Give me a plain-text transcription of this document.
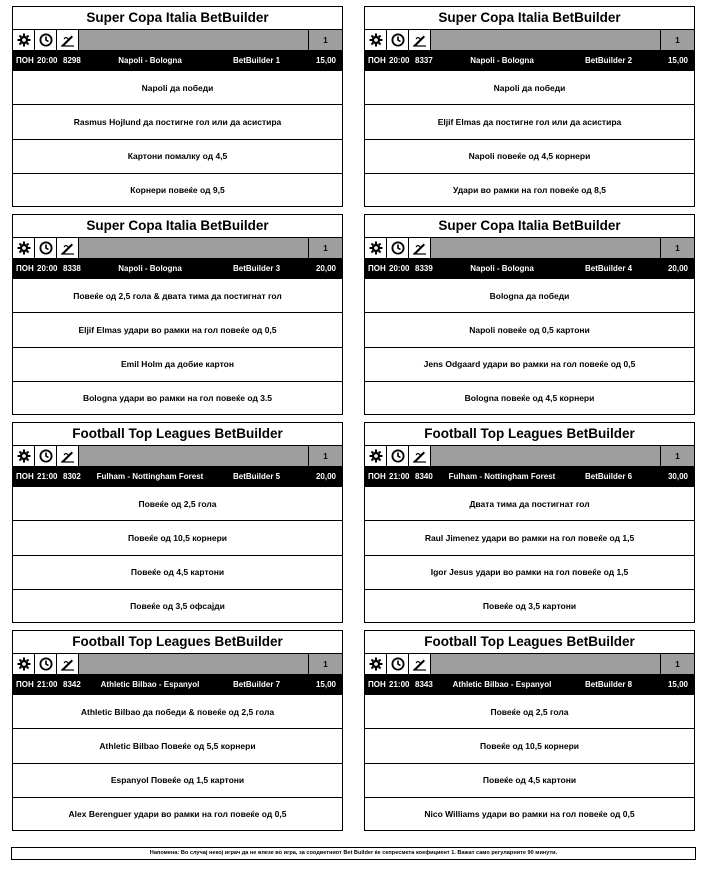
Super Copa Italia BetBuilder
1
ПОН 20:00 8298	Napoli - Bologna	BetBuilder 1	15,00
Napoli да победи
Rasmus Hojlund да постигне гол или да асистира
Картони помалку од 4,5
Корнери повеќе од 9,5
Super Copa Italia BetBuilder
1
ПОН 20:00 8337	Napoli - Bologna	BetBuilder 2	15,00
Napoli да победи
Eljif Elmas да постигне гол или да асистира
Napoli повеќе од 4,5 корнери
Удари во рамки на гол повеќе од 8,5
Super Copa Italia BetBuilder
1
ПОН 20:00 8338	Napoli - Bologna	BetBuilder 3	20,00
Повеќе од 2,5 гола & двата тима да постигнат гол
Eljif Elmas удари во рамки на гол повеќе од 0,5
Emil Holm да добие картон
Bologna удари во рамки на гол повеќе од 3.5
Super Copa Italia BetBuilder
1
ПОН 20:00 8339	Napoli - Bologna	BetBuilder 4	20,00
Bologna да победи
Napoli повеќе од 0,5 картони
Jens Odgaard удари во рамки на гол повеќе од 0,5
Bologna повеќе од 4,5 корнери
Football Top Leagues BetBuilder
1
ПОН 21:00 8302	Fulham - Nottingham Forest	BetBuilder 5	20,00
Повеќе од 2,5 гола
Повеќе од 10,5 корнери
Повеќе од 4,5 картони
Повеќе од 3,5 офсајди
Football Top Leagues BetBuilder
1
ПОН 21:00 8340	Fulham - Nottingham Forest	BetBuilder 6	30,00
Двата тима да постигнат гол
Raul Jimenez удари во рамки на гол повеќе од 1,5
Igor Jesus удари во рамки на гол повеќе од 1,5
Повеќе од 3,5 картони
Football Top Leagues BetBuilder
1
ПОН 21:00 8342	Athletic Bilbao - Espanyol	BetBuilder 7	15,00
Athletic Bilbao да победи & повеќе од 2,5 гола
Athletic Bilbao Повеќе од 5,5 корнери
Espanyol Повеќе од 1,5 картони
Alex Berenguer удари во рамки на гол повеќе од 0,5
Football Top Leagues BetBuilder
1
ПОН 21:00 8343	Athletic Bilbao - Espanyol	BetBuilder 8	15,00
Повеќе од 2,5 гола
Повеќе од 10,5 корнери
Повеќе од 4,5 картони
Nico Williams удари во рамки на гол повеќе од 0,5
Напомена: Во случај некој играч да не влезе во игра, за соодветниот Bet Builder ќе сепресмета коефициент 1. Важат само регуларните 90 минути.
